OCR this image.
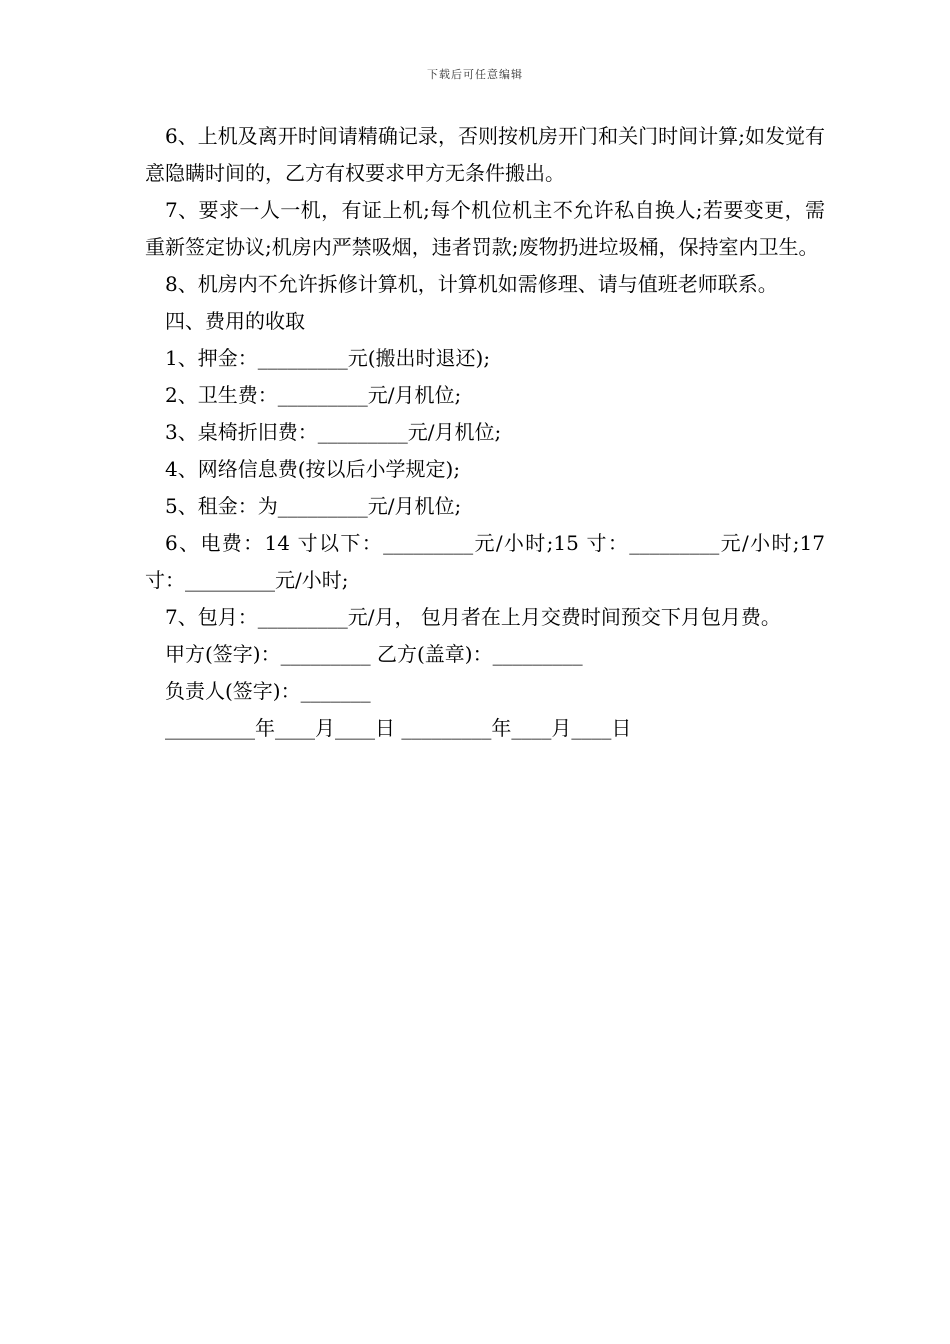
下载后可任意编辑

6、上机及离开时间请精确记录，否则按机房开门和关门时间计算;如发觉有意隐瞒时间的，乙方有权要求甲方无条件搬出。

7、要求一人一机，有证上机;每个机位机主不允许私自换人;若要变更，需重新签定协议;机房内严禁吸烟，违者罚款;废物扔进垃圾桶，保持室内卫生。

8、机房内不允许拆修计算机，计算机如需修理、请与值班老师联系。

四、费用的收取

1、押金：_________元(搬出时退还);

2、卫生费：_________元/月机位;

3、桌椅折旧费：_________元/月机位;

4、网络信息费(按以后小学规定);

5、租金：为_________元/月机位;

6、电费：14 寸以下：_________元/小时;15 寸：_________元/小时;17 寸：_________元/小时;

7、包月：_________元/月， 包月者在上月交费时间预交下月包月费。

甲方(签字)：_________ 乙方(盖章)：_________

负责人(签字)：_______

_________年____月____日 _________年____月____日
